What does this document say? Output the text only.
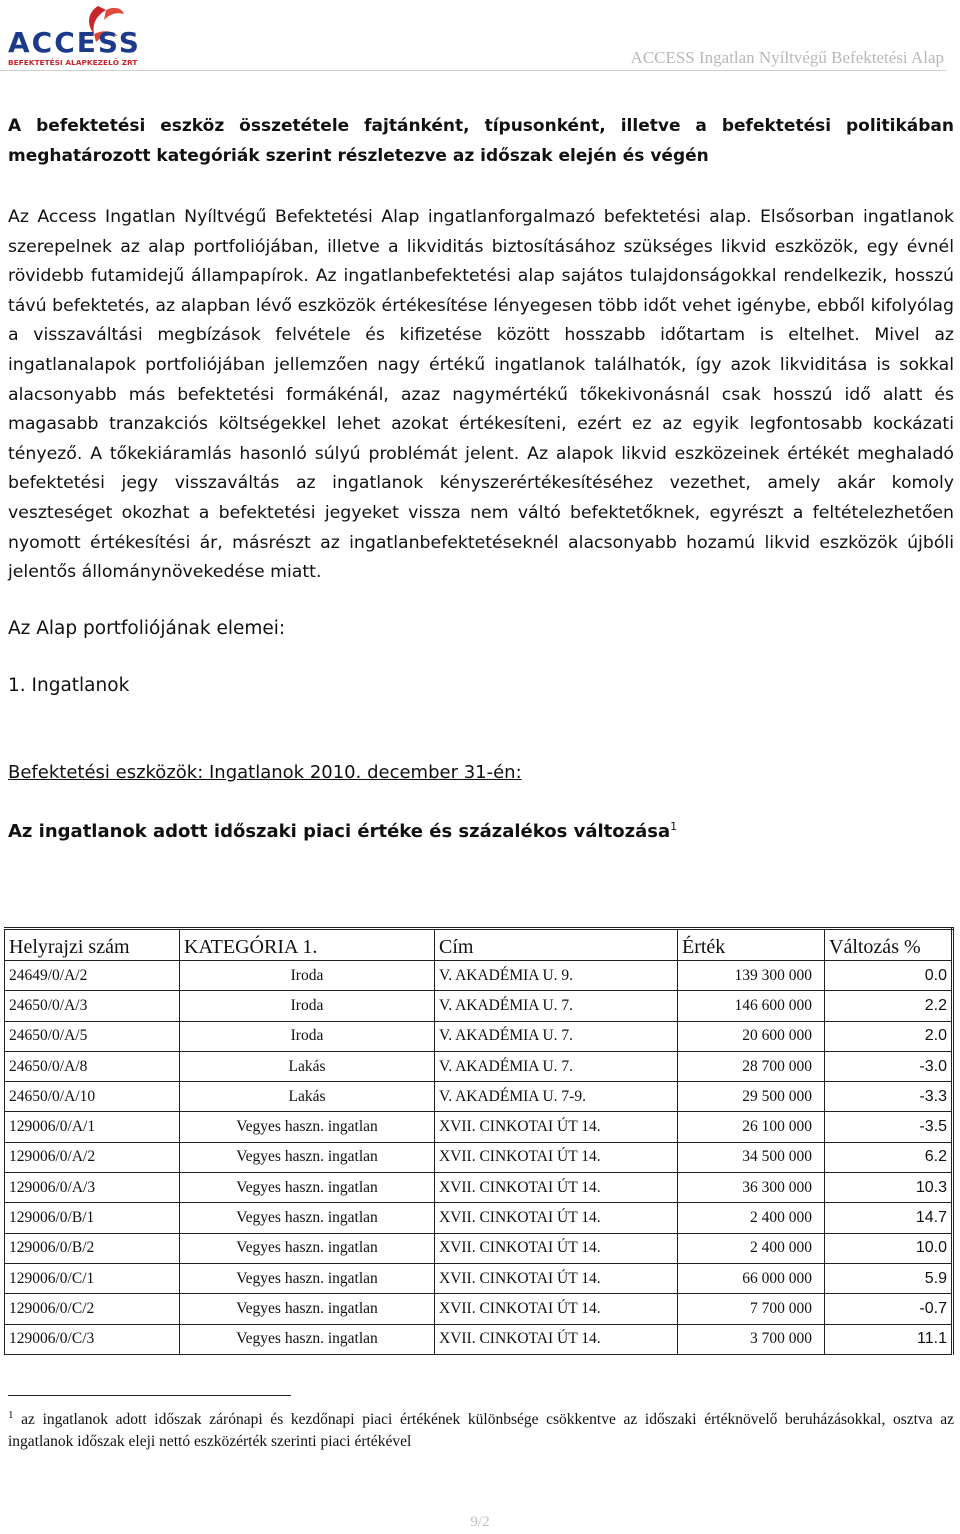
ACCESS
BEFEKTETÉSI ALAPKEZELŐ ZRT	ACCESS Ingatlan Nyíltvégű Befektetési Alap

A befektetési eszköz összetétele fajtánként, típusonként, illetve a befektetési politikában meghatározott kategóriák szerint részletezve az időszak elején és végén

Az Access Ingatlan Nyíltvégű Befektetési Alap ingatlanforgalmazó befektetési alap. Elsősorban ingatlanok szerepelnek az alap portfoliójában, illetve a likviditás biztosításához szükséges likvid eszközök, egy évnél rövidebb futamidejű állampapírok. Az ingatlanbefektetési alap sajátos tulajdonságokkal rendelkezik, hosszú távú befektetés, az alapban lévő eszközök értékesítése lényegesen több időt vehet igénybe, ebből kifolyólag a visszaváltási megbízások felvétele és kifizetése között hosszabb időtartam is eltelhet. Mivel az ingatlanalapok portfoliójában jellemzően nagy értékű ingatlanok találhatók, így azok likviditása is sokkal alacsonyabb más befektetési formákénál, azaz nagymértékű tőkekivonásnál csak hosszú idő alatt és magasabb tranzakciós költségekkel lehet azokat értékesíteni, ezért ez az egyik legfontosabb kockázati tényező. A tőkekiáramlás hasonló súlyú problémát jelent. Az alapok likvid eszközeinek értékét meghaladó befektetési jegy visszaváltás az ingatlanok kényszerértékesítéséhez vezethet, amely akár komoly veszteséget okozhat a befektetési jegyeket vissza nem váltó befektetőknek, egyrészt a feltételezhetően nyomott értékesítési ár, másrészt az ingatlanbefektetéseknél alacsonyabb hozamú likvid eszközök újbóli jelentős állománynövekedése miatt.

Az Alap portfoliójának elemei:

1. Ingatlanok

Befektetési eszközök: Ingatlanok 2010. december 31-én:

Az ingatlanok adott időszaki piaci értéke és százalékos változása$^1$

Helyrajzi szám	KATEGÓRIA 1.	Cím	Érték	Változás %
24649/0/A/2	Iroda	V. AKADÉMIA U. 9.	139 300 000	0.0
24650/0/A/3	Iroda	V. AKADÉMIA U. 7.	146 600 000	2.2
24650/0/A/5	Iroda	V. AKADÉMIA U. 7.	20 600 000	2.0
24650/0/A/8	Lakás	V. AKADÉMIA U. 7.	28 700 000	-3.0
24650/0/A/10	Lakás	V. AKADÉMIA U. 7-9.	29 500 000	-3.3
129006/0/A/1	Vegyes haszn. ingatlan	XVII. CINKOTAI ÚT 14.	26 100 000	-3.5
129006/0/A/2	Vegyes haszn. ingatlan	XVII. CINKOTAI ÚT 14.	34 500 000	6.2
129006/0/A/3	Vegyes haszn. ingatlan	XVII. CINKOTAI ÚT 14.	36 300 000	10.3
129006/0/B/1	Vegyes haszn. ingatlan	XVII. CINKOTAI ÚT 14.	2 400 000	14.7
129006/0/B/2	Vegyes haszn. ingatlan	XVII. CINKOTAI ÚT 14.	2 400 000	10.0
129006/0/C/1	Vegyes haszn. ingatlan	XVII. CINKOTAI ÚT 14.	66 000 000	5.9
129006/0/C/2	Vegyes haszn. ingatlan	XVII. CINKOTAI ÚT 14.	7 700 000	-0.7
129006/0/C/3	Vegyes haszn. ingatlan	XVII. CINKOTAI ÚT 14.	3 700 000	11.1
$^1$ az ingatlanok adott időszak zárónapi és kezdőnapi piaci értékének különbsége csökkentve az időszaki értéknövelő beruházásokkal, osztva az ingatlanok időszak eleji nettó eszközérték szerinti piaci értékével
9/2
